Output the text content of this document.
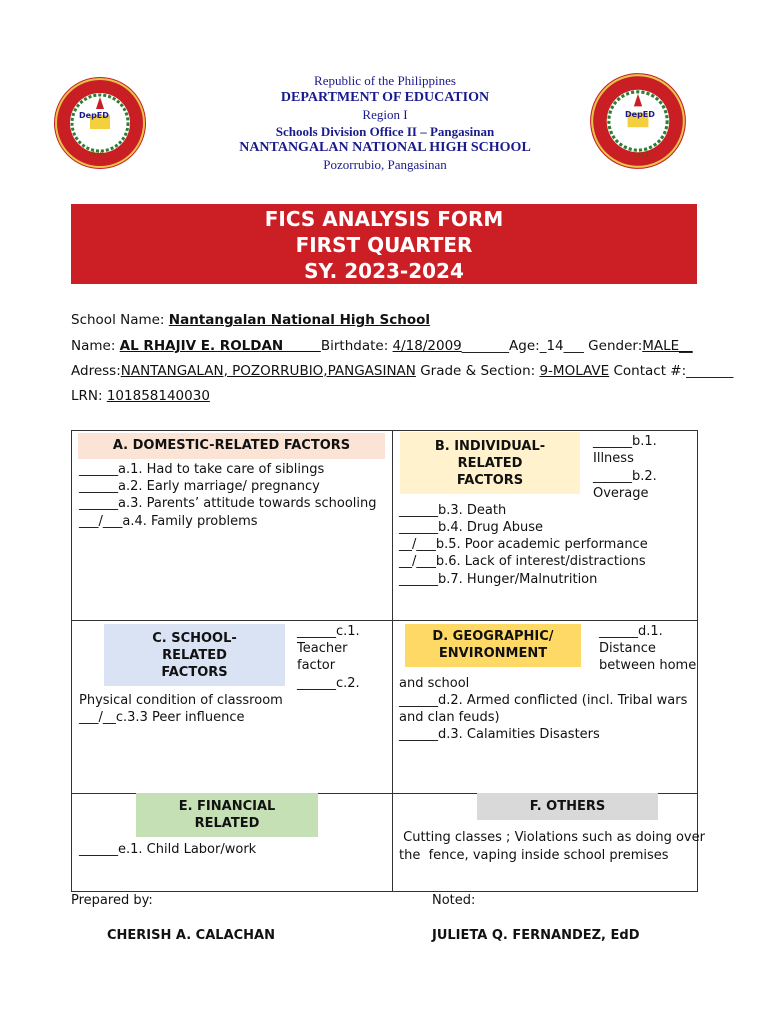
DepED
1978
DepED
1978
Republic of the Philippines
DEPARTMENT OF EDUCATION
Region I
Schools Division Office II – Pangasinan
NANTANGALAN NATIONAL HIGH SCHOOL
Pozorrubio, Pangasinan
FICS ANALYSIS FORM
FIRST QUARTER
SY. 2023-2024
School Name: Nantangalan National High School
Name: AL RHAJIV E. ROLDAN        Birthdate: 4/18/2009_______Age:_14___ Gender:MALE__
Adress:NANTANGALAN, POZORRUBIO,PANGASINAN Grade & Section: 9-MOLAVE Contact #:_______
LRN: 101858140030
A. DOMESTIC-RELATED FACTORS
______a.1. Had to take care of siblings
______a.2. Early marriage/ pregnancy
______a.3. Parents’ attitude towards schooling
___/___a.4. Family problems
B. INDIVIDUAL-
RELATED
FACTORS
______b.1.
Illness
______b.2.
Overage
______b.3. Death
______b.4. Drug Abuse
__/___b.5. Poor academic performance
__/___b.6. Lack of interest/distractions
______b.7. Hunger/Malnutrition
C. SCHOOL-
RELATED
FACTORS
______c.1.
Teacher
factor
______c.2.
Physical condition of classroom
___/__c.3.3 Peer influence
D. GEOGRAPHIC/
ENVIRONMENT
______d.1.
Distance
between home
and school
______d.2. Armed conflicted (incl. Tribal wars
and clan feuds)
______d.3. Calamities Disasters
E. FINANCIAL
RELATED
______e.1. Child Labor/work
F. OTHERS
Cutting classes ; Violations such as doing over
the  fence, vaping inside school premises
Prepared by:
CHERISH A. CALACHAN
Noted:
JULIETA Q. FERNANDEZ, EdD
